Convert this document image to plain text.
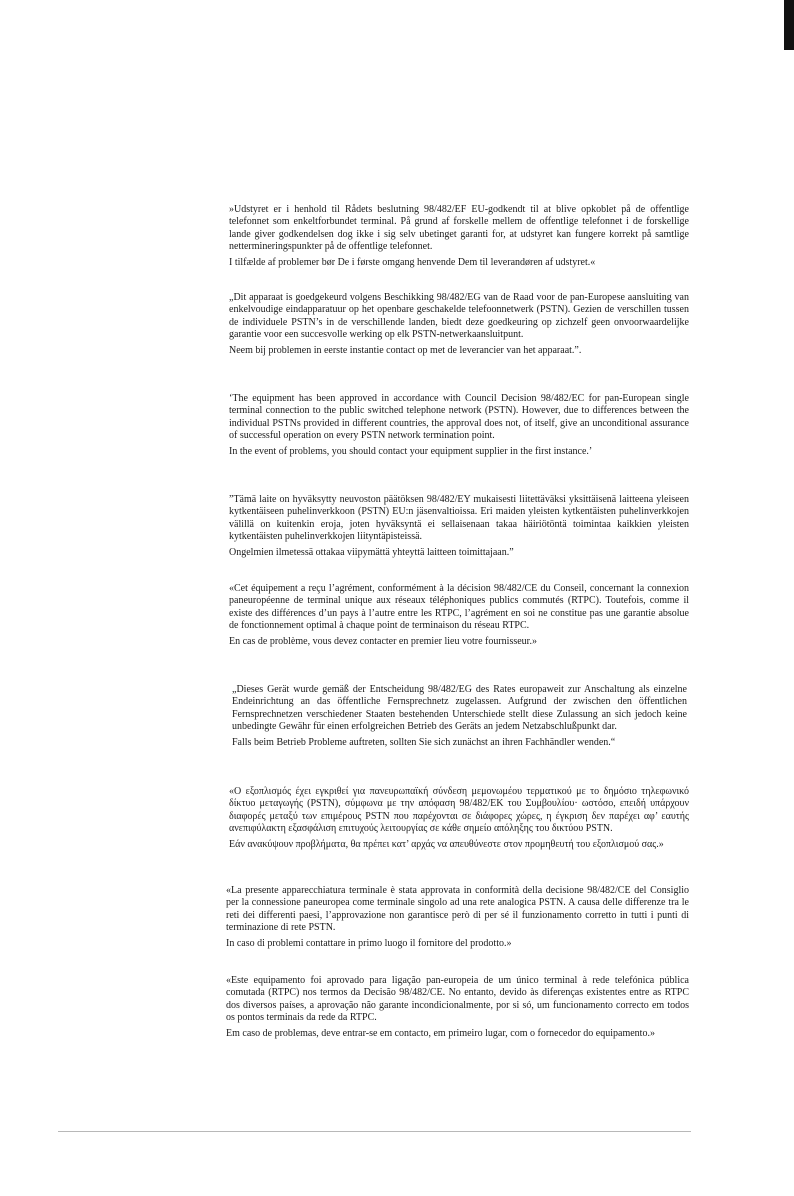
»Udstyret er i henhold til Rådets beslutning 98/482/EF EU-godkendt til at blive opkoblet på de offentlige telefonnet som enkeltforbundet terminal. På grund af forskelle mellem de offentlige telefonnet i de forskellige lande giver godkendelsen dog ikke i sig selv ubetinget garanti for, at udstyret kan fungere korrekt på samtlige nettermineringspunkter på de offentlige telefonnet.

I tilfælde af problemer bør De i første omgang henvende Dem til leverandøren af udstyret.«

„Dit apparaat is goedgekeurd volgens Beschikking 98/482/EG van de Raad voor de pan-Europese aansluiting van enkelvoudige eindapparatuur op het openbare geschakelde telefoonnetwerk (PSTN). Gezien de verschillen tussen de individuele PSTN’s in de verschillende landen, biedt deze goedkeuring op zichzelf geen onvoorwaardelijke garantie voor een succesvolle werking op elk PSTN-netwerkaansluitpunt.

Neem bij problemen in eerste instantie contact op met de leverancier van het apparaat.”.

‘The equipment has been approved in accordance with Council Decision 98/482/EC for pan-European single terminal connection to the public switched telephone network (PSTN). However, due to differences between the individual PSTNs provided in different countries, the approval does not, of itself, give an unconditional assurance of successful operation on every PSTN network termination point.

In the event of problems, you should contact your equipment supplier in the first instance.’

”Tämä laite on hyväksytty neuvoston päätöksen 98/482/EY mukaisesti liitettäväksi yksittäisenä laitteena yleiseen kytkentäiseen puhelinverkkoon (PSTN) EU:n jäsenvaltioissa. Eri maiden yleisten kytkentäisten puhelinverkkojen välillä on kuitenkin eroja, joten hyväksyntä ei sellaisenaan takaa häiriötöntä toimintaa kaikkien yleisten kytkentäisten puhelinverkkojen liityntäpisteissä.

Ongelmien ilmetessä ottakaa viipymättä yhteyttä laitteen toimittajaan.”

«Cet équipement a reçu l’agrément, conformément à la décision 98/482/CE du Conseil, concernant la connexion paneuropéenne de terminal unique aux réseaux téléphoniques publics commutés (RTPC). Toutefois, comme il existe des différences d’un pays à l’autre entre les RTPC, l’agrément en soi ne constitue pas une garantie absolue de fonctionnement optimal à chaque point de terminaison du réseau RTPC.

En cas de problème, vous devez contacter en premier lieu votre fournisseur.»

„Dieses Gerät wurde gemäß der Entscheidung 98/482/EG des Rates europaweit zur Anschaltung als einzelne Endeinrichtung an das öffentliche Fernsprechnetz zugelassen. Aufgrund der zwischen den öffentlichen Fernsprechnetzen verschiedener Staaten bestehenden Unterschiede stellt diese Zulassung an sich jedoch keine unbedingte Gewähr für einen erfolgreichen Betrieb des Geräts an jedem Netzabschlußpunkt dar.

Falls beim Betrieb Probleme auftreten, sollten Sie sich zunächst an ihren Fachhändler wenden.“

«Ο εξοπλισμός έχει εγκριθεί για πανευρωπαϊκή σύνδεση μεμονωμέου τερματικού με το δημόσιο τηλεφωνικό δίκτυο μεταγωγής (PSTN), σύμφωνα με την απόφαση 98/482/ΕΚ του Συμβουλίου· ωστόσο, επειδή υπάρχουν διαφορές μεταξύ των επιμέρους PSTN που παρέχονται σε διάφορες χώρες, η έγκριση δεν παρέχει αφ’ εαυτής ανεπιφύλακτη εξασφάλιση επιτυχούς λειτουργίας σε κάθε σημείο απόληξης του δικτύου PSTN.

Εάν ανακύψουν προβλήματα, θα πρέπει κατ’ αρχάς να απευθύνεστε στον προμηθευτή του εξοπλισμού σας.»

«La presente apparecchiatura terminale è stata approvata in conformità della decisione 98/482/CE del Consiglio per la connessione paneuropea come terminale singolo ad una rete analogica PSTN. A causa delle differenze tra le reti dei differenti paesi, l’approvazione non garantisce però di per sé il funzionamento corretto in tutti i punti di terminazione di rete PSTN.

In caso di problemi contattare in primo luogo il fornitore del prodotto.»

«Este equipamento foi aprovado para ligação pan-europeia de um único terminal à rede telefónica pública comutada (RTPC) nos termos da Decisão 98/482/CE. No entanto, devido às diferenças existentes entre as RTPC dos diversos países, a aprovação não garante incondicionalmente, por si só, um funcionamento correcto em todos os pontos terminais da rede da RTPC.

Em caso de problemas, deve entrar-se em contacto, em primeiro lugar, com o fornecedor do equipamento.»
